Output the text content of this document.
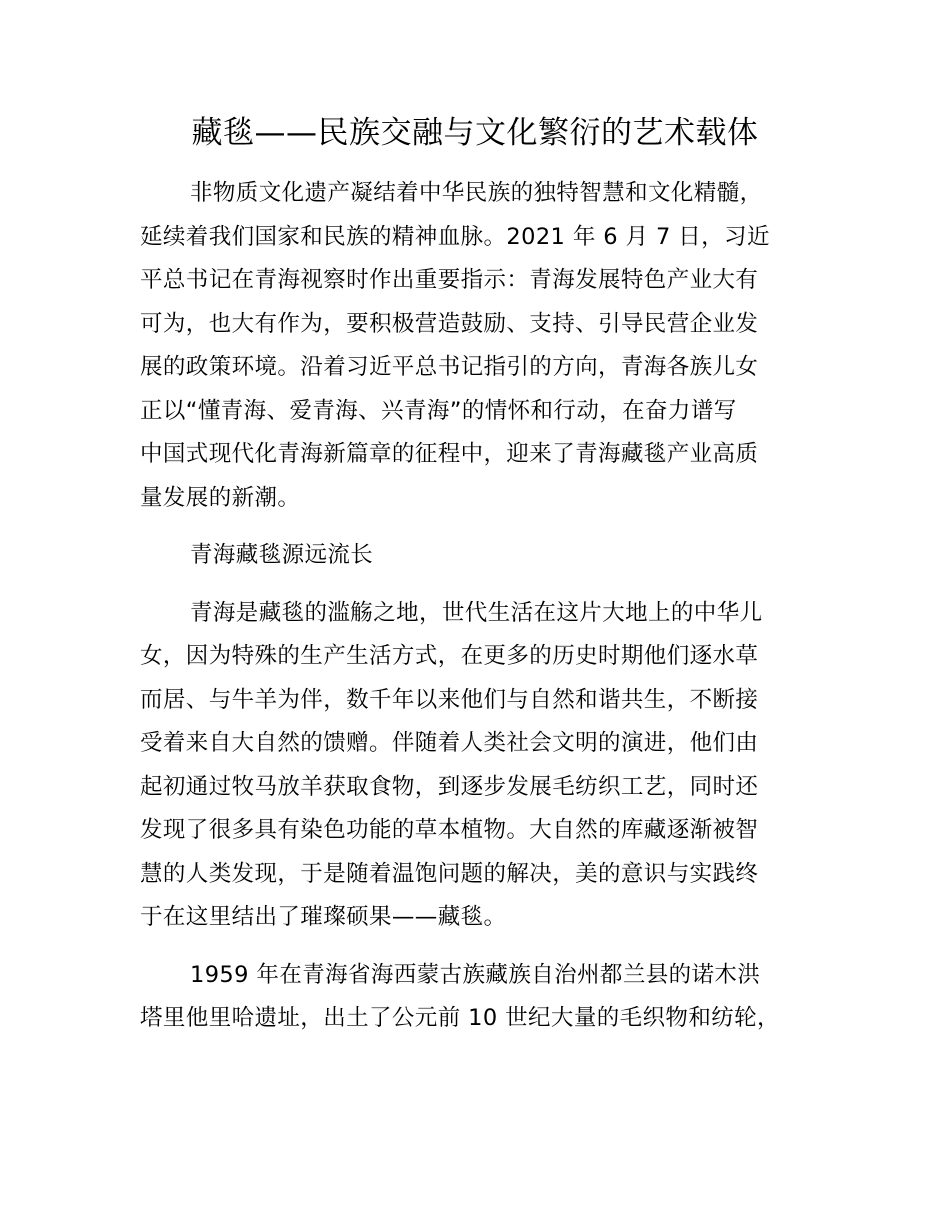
藏毯——民族交融与文化繁衍的艺术载体
非物质文化遗产凝结着中华民族的独特智慧和文化精髓，
延续着我们国家和民族的精神血脉。2021 年 6 月 7 日，习近
平总书记在青海视察时作出重要指示：青海发展特色产业大有
可为，也大有作为，要积极营造鼓励、支持、引导民营企业发
展的政策环境。沿着习近平总书记指引的方向，青海各族儿女
正以“懂青海、爱青海、兴青海”的情怀和行动，在奋力谱写
中国式现代化青海新篇章的征程中，迎来了青海藏毯产业高质
量发展的新潮。
青海藏毯源远流长
青海是藏毯的滥觞之地，世代生活在这片大地上的中华儿
女，因为特殊的生产生活方式，在更多的历史时期他们逐水草
而居、与牛羊为伴，数千年以来他们与自然和谐共生，不断接
受着来自大自然的馈赠。伴随着人类社会文明的演进，他们由
起初通过牧马放羊获取食物，到逐步发展毛纺织工艺，同时还
发现了很多具有染色功能的草本植物。大自然的库藏逐渐被智
慧的人类发现，于是随着温饱问题的解决，美的意识与实践终
于在这里结出了璀璨硕果——藏毯。
1959 年在青海省海西蒙古族藏族自治州都兰县的诺木洪
塔里他里哈遗址，出土了公元前 10 世纪大量的毛织物和纺轮，
